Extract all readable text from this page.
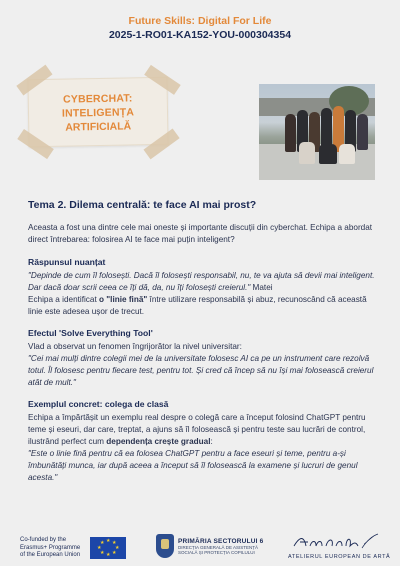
Future Skills: Digital For Life
2025-1-RO01-KA152-YOU-000304354
CYBERCHAT:
INTELIGENȚA
ARTIFICIALĂ
Tema 2. Dilema centrală: te face AI mai prost?
Aceasta a fost una dintre cele mai oneste și importante discuții din cyberchat. Echipa a abordat direct întrebarea: folosirea AI te face mai puțin inteligent?
Răspunsul nuanțat
"Depinde de cum îl folosești. Dacă îl folosești responsabil, nu, te va ajuta să devii mai inteligent. Dar dacă doar scrii ceea ce îți dă, da, nu îți folosești creierul." Matei
Echipa a identificat o "linie fină" între utilizare responsabilă și abuz, recunoscând că această linie este adesea ușor de trecut.
Efectul 'Solve Everything Tool'
Vlad a observat un fenomen îngrijorător la nivel universitar:
"Cei mai mulți dintre colegii mei de la universitate folosesc AI ca pe un instrument care rezolvă totul. Îl folosesc pentru fiecare test, pentru tot. Și cred că încep să nu își mai folosească creierul atât de mult."
Exemplul concret: colega de clasă
Echipa a împărtășit un exemplu real despre o colegă care a început folosind ChatGPT pentru teme și eseuri, dar care, treptat, a ajuns să îl folosească și pentru teste sau lucrări de control, ilustrând perfect cum dependența crește gradual:
"Este o linie fină pentru că ea folosea ChatGPT pentru a face eseuri și teme, pentru a-și îmbunătăți munca, iar după aceea a început să îl folosească la examene și lucruri de genul acesta."
Co-funded by the
Erasmus+ Programme
of the European Union
★ ★
★
★
★
★
★
★	PRIMĂRIA SECTORULUI 6
DIRECȚIA GENERALĂ DE ASISTENȚĂ
SOCIALĂ ȘI PROTECȚIA COPILULUI
ATELIERUL EUROPEAN DE ARTĂ
